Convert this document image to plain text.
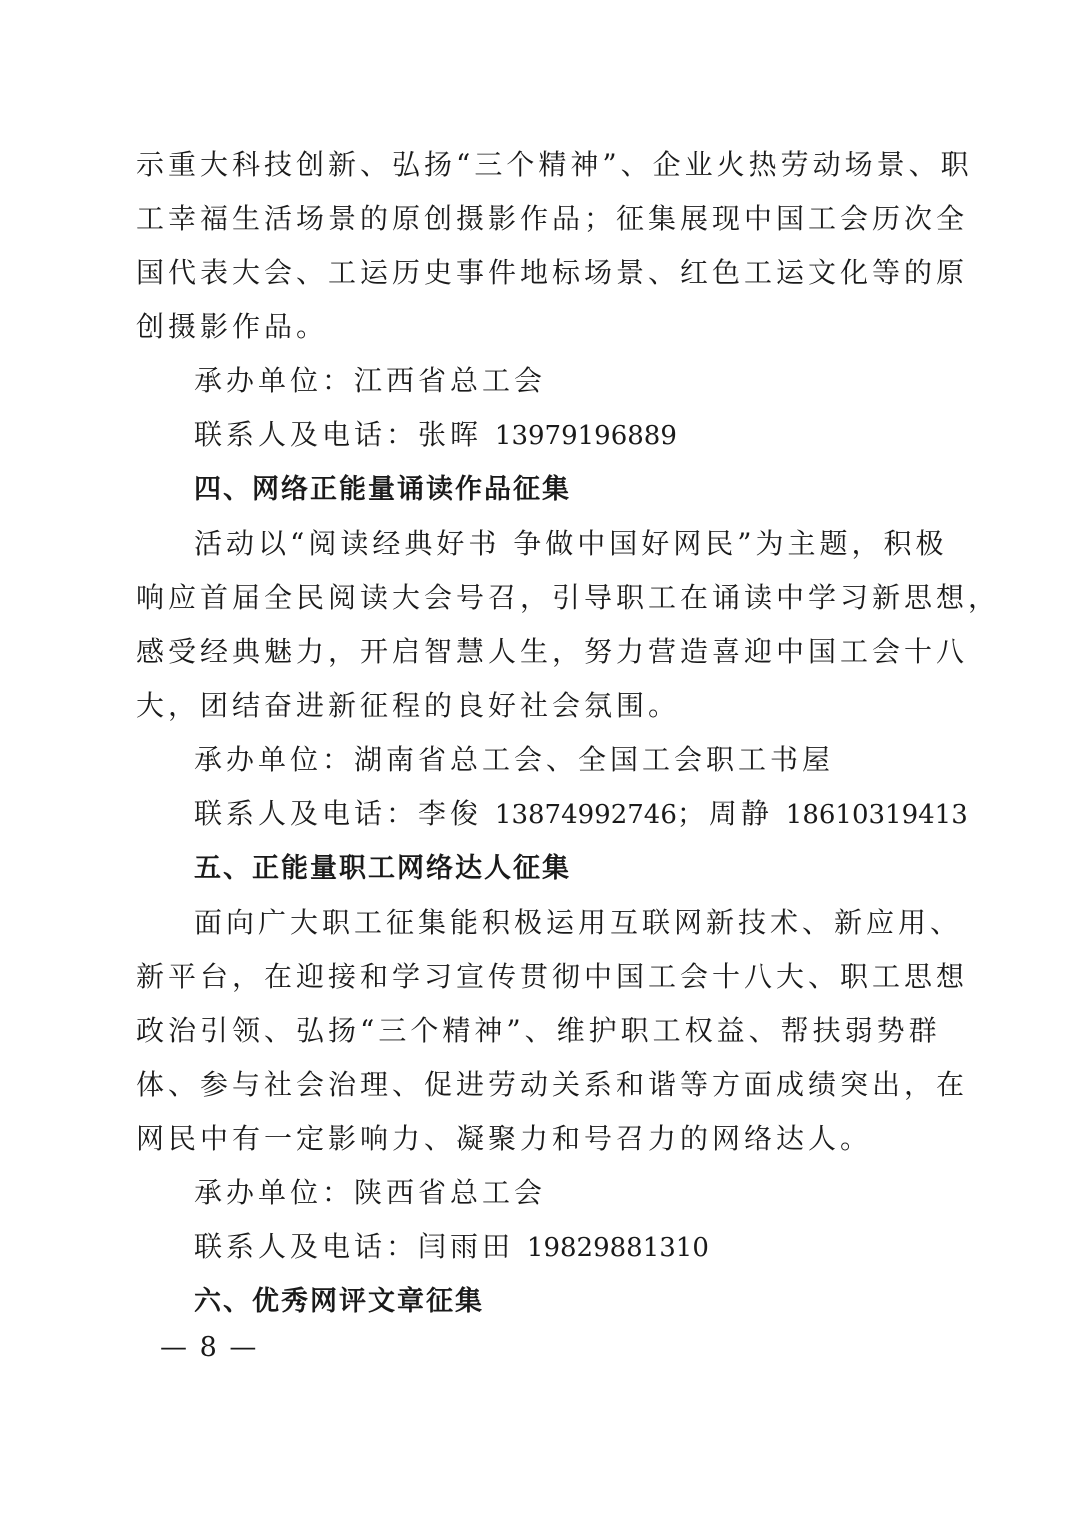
示重大科技创新、弘扬“三个精神”、企业火热劳动场景、职
工幸福生活场景的原创摄影作品；征集展现中国工会历次全
国代表大会、工运历史事件地标场景、红色工运文化等的原
创摄影作品。

承办单位：江西省总工会

联系人及电话：张晖 13979196889

四、网络正能量诵读作品征集

活动以“阅读经典好书 争做中国好网民”为主题，积极
响应首届全民阅读大会号召，引导职工在诵读中学习新思想，
感受经典魅力，开启智慧人生，努力营造喜迎中国工会十八
大，团结奋进新征程的良好社会氛围。

承办单位：湖南省总工会、全国工会职工书屋

联系人及电话：李俊 13874992746；周静 18610319413

五、正能量职工网络达人征集

面向广大职工征集能积极运用互联网新技术、新应用、
新平台，在迎接和学习宣传贯彻中国工会十八大、职工思想
政治引领、弘扬“三个精神”、维护职工权益、帮扶弱势群
体、参与社会治理、促进劳动关系和谐等方面成绩突出，在
网民中有一定影响力、凝聚力和号召力的网络达人。

承办单位：陕西省总工会

联系人及电话：闫雨田 19829881310

六、优秀网评文章征集

— 8 —
